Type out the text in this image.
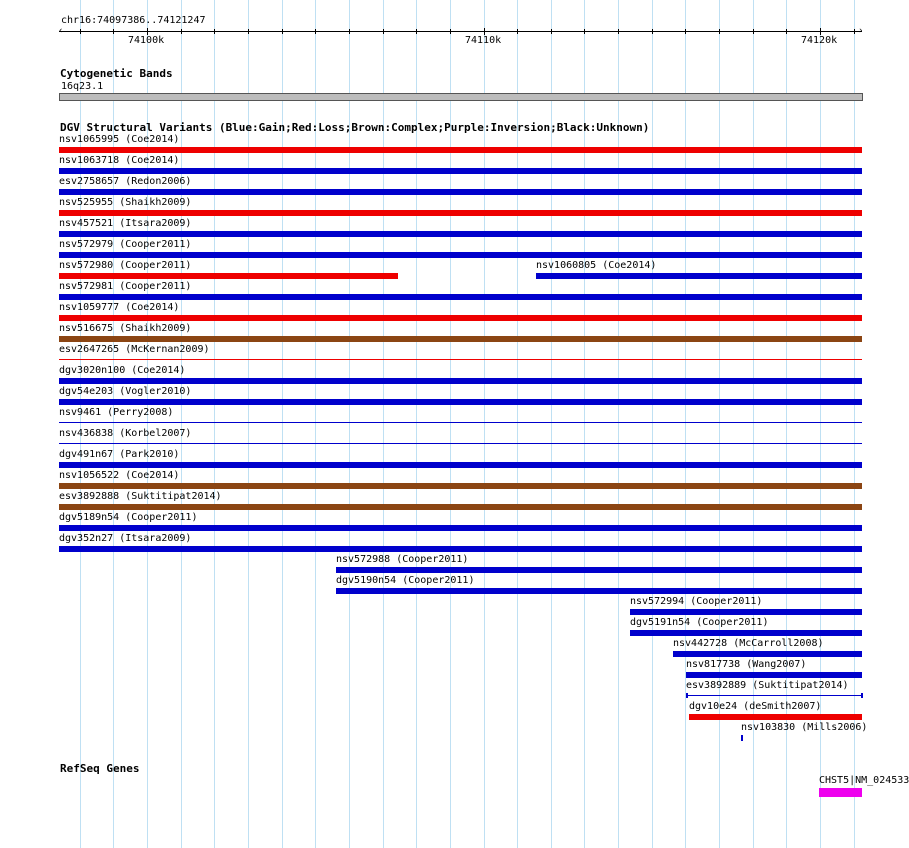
chr16:74097386..74121247
74100k	74110k	74120k
‹	›
Cytogenetic Bands
16q23.1
DGV Structural Variants (Blue:Gain;Red:Loss;Brown:Complex;Purple:Inversion;Black:Unknown)
nsv1065995 (Coe2014)
nsv1063718 (Coe2014)
esv2758657 (Redon2006)
nsv525955 (Shaikh2009)
nsv457521 (Itsara2009)
nsv572979 (Cooper2011)
nsv572980 (Cooper2011)	nsv1060805 (Coe2014)
nsv572981 (Cooper2011)
nsv1059777 (Coe2014)
nsv516675 (Shaikh2009)
esv2647265 (McKernan2009)
dgv3020n100 (Coe2014)
dgv54e203 (Vogler2010)
nsv9461 (Perry2008)
nsv436838 (Korbel2007)
dgv491n67 (Park2010)
nsv1056522 (Coe2014)
esv3892888 (Suktitipat2014)
dgv5189n54 (Cooper2011)
dgv352n27 (Itsara2009)
nsv572988 (Cooper2011)
dgv5190n54 (Cooper2011)
nsv572994 (Cooper2011)
dgv5191n54 (Cooper2011)
nsv442728 (McCarroll2008)
nsv817738 (Wang2007)
esv3892889 (Suktitipat2014)
dgv10e24 (deSmith2007)
nsv103830 (Mills2006)
RefSeq Genes
CHST5|NM_024533
